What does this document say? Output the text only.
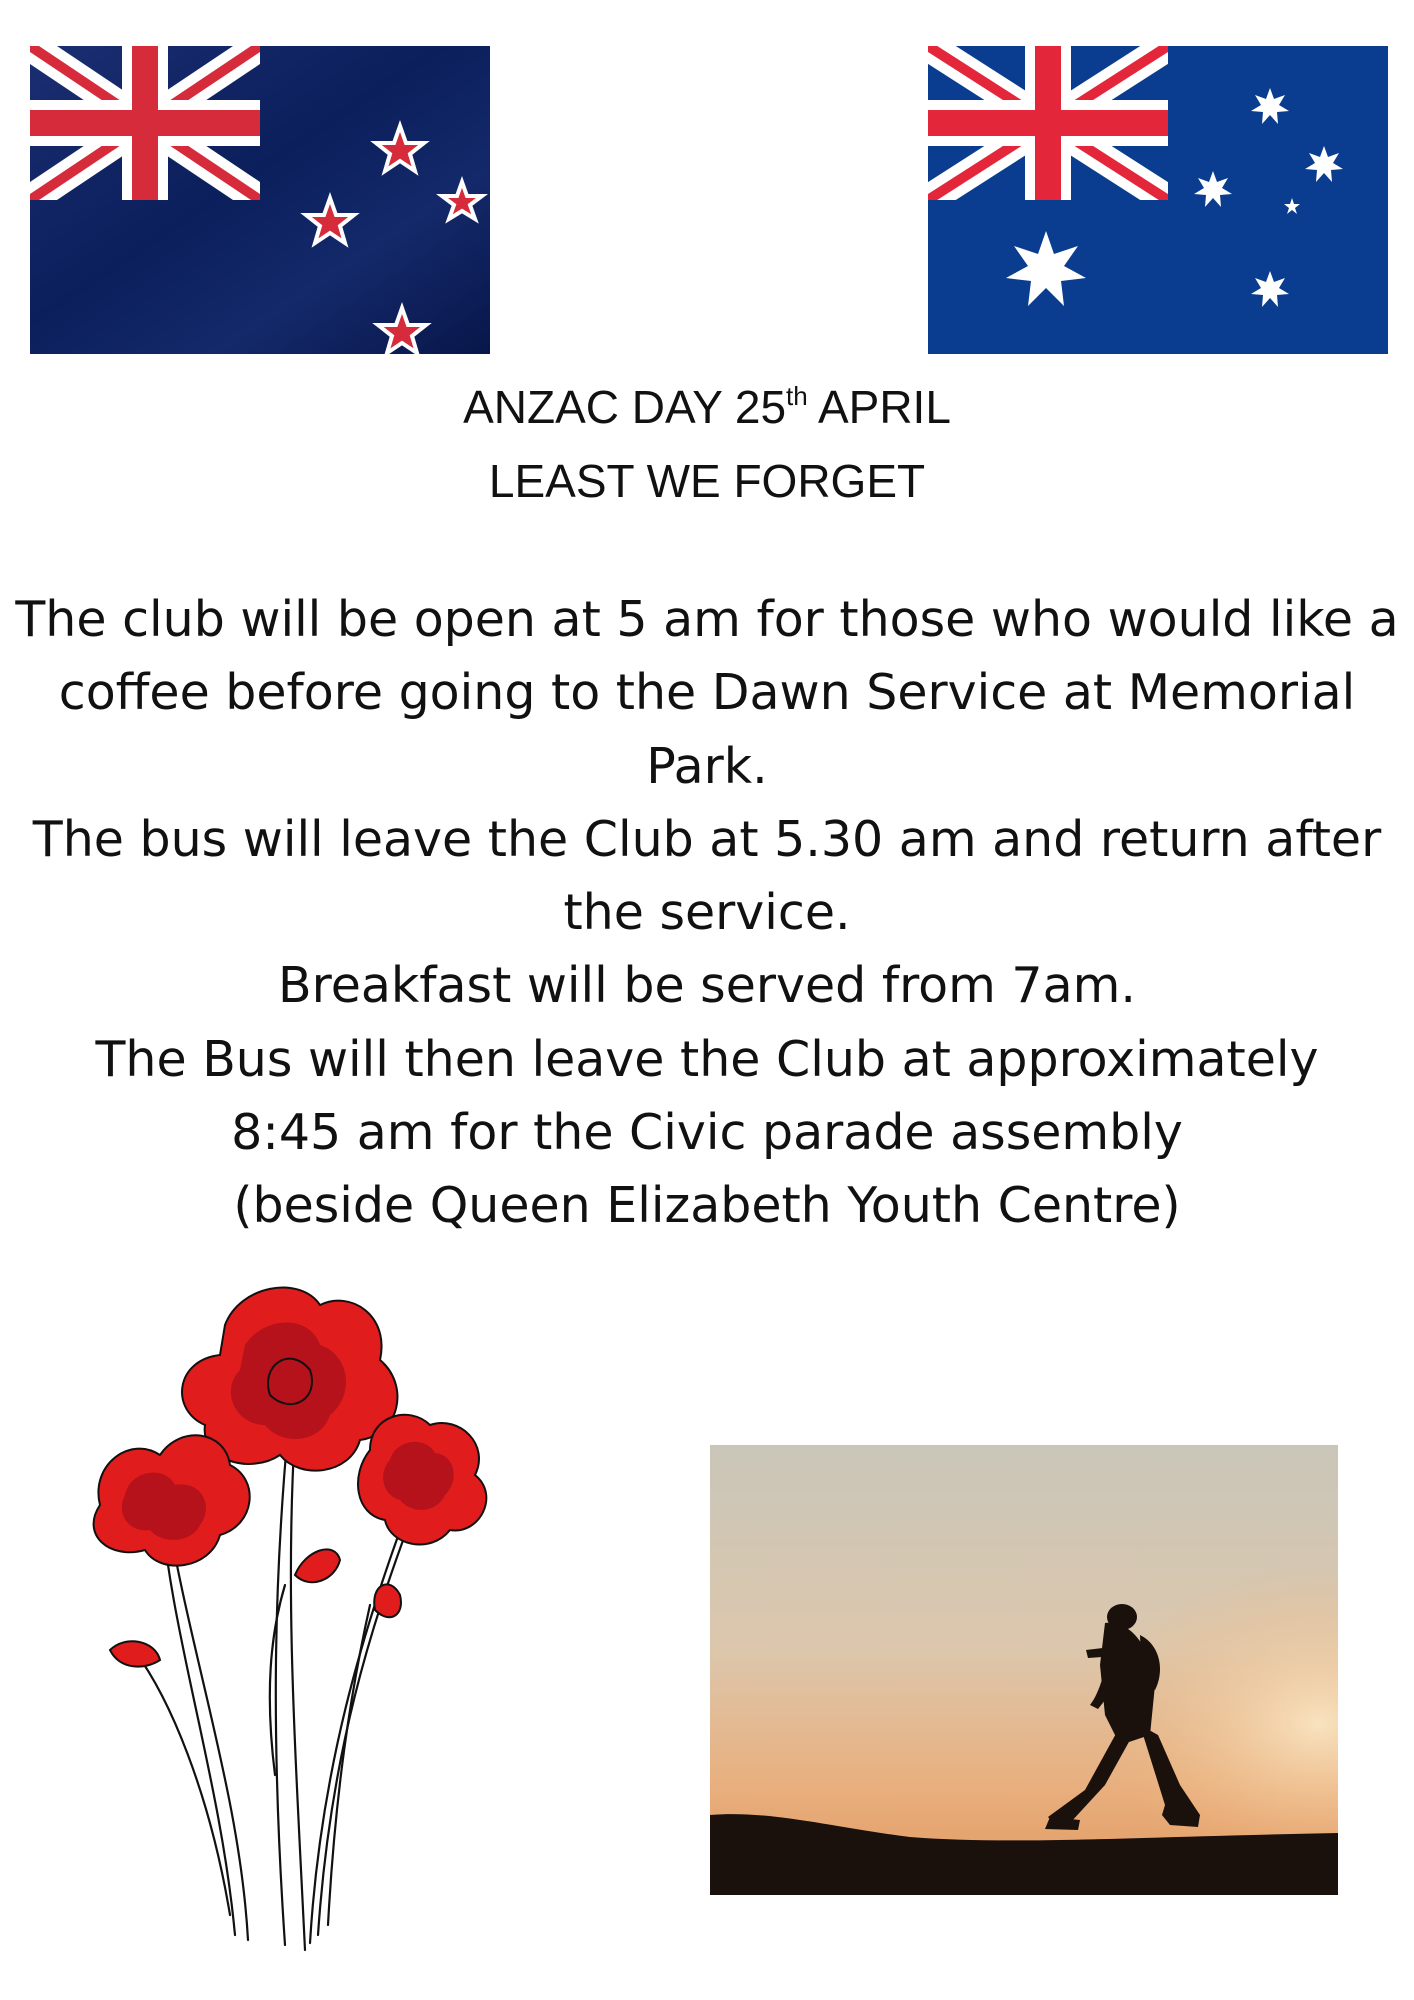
ANZAC DAY 25th APRIL
LEAST WE FORGET
The club will be open at 5 am for those who would like a
coffee before going to the Dawn Service at Memorial
Park.
The bus will leave the Club at 5.30 am and return after
the service.
Breakfast will be served from 7am.
The Bus will then leave the Club at approximately
8:45 am for the Civic parade assembly
(beside Queen Elizabeth Youth Centre)
